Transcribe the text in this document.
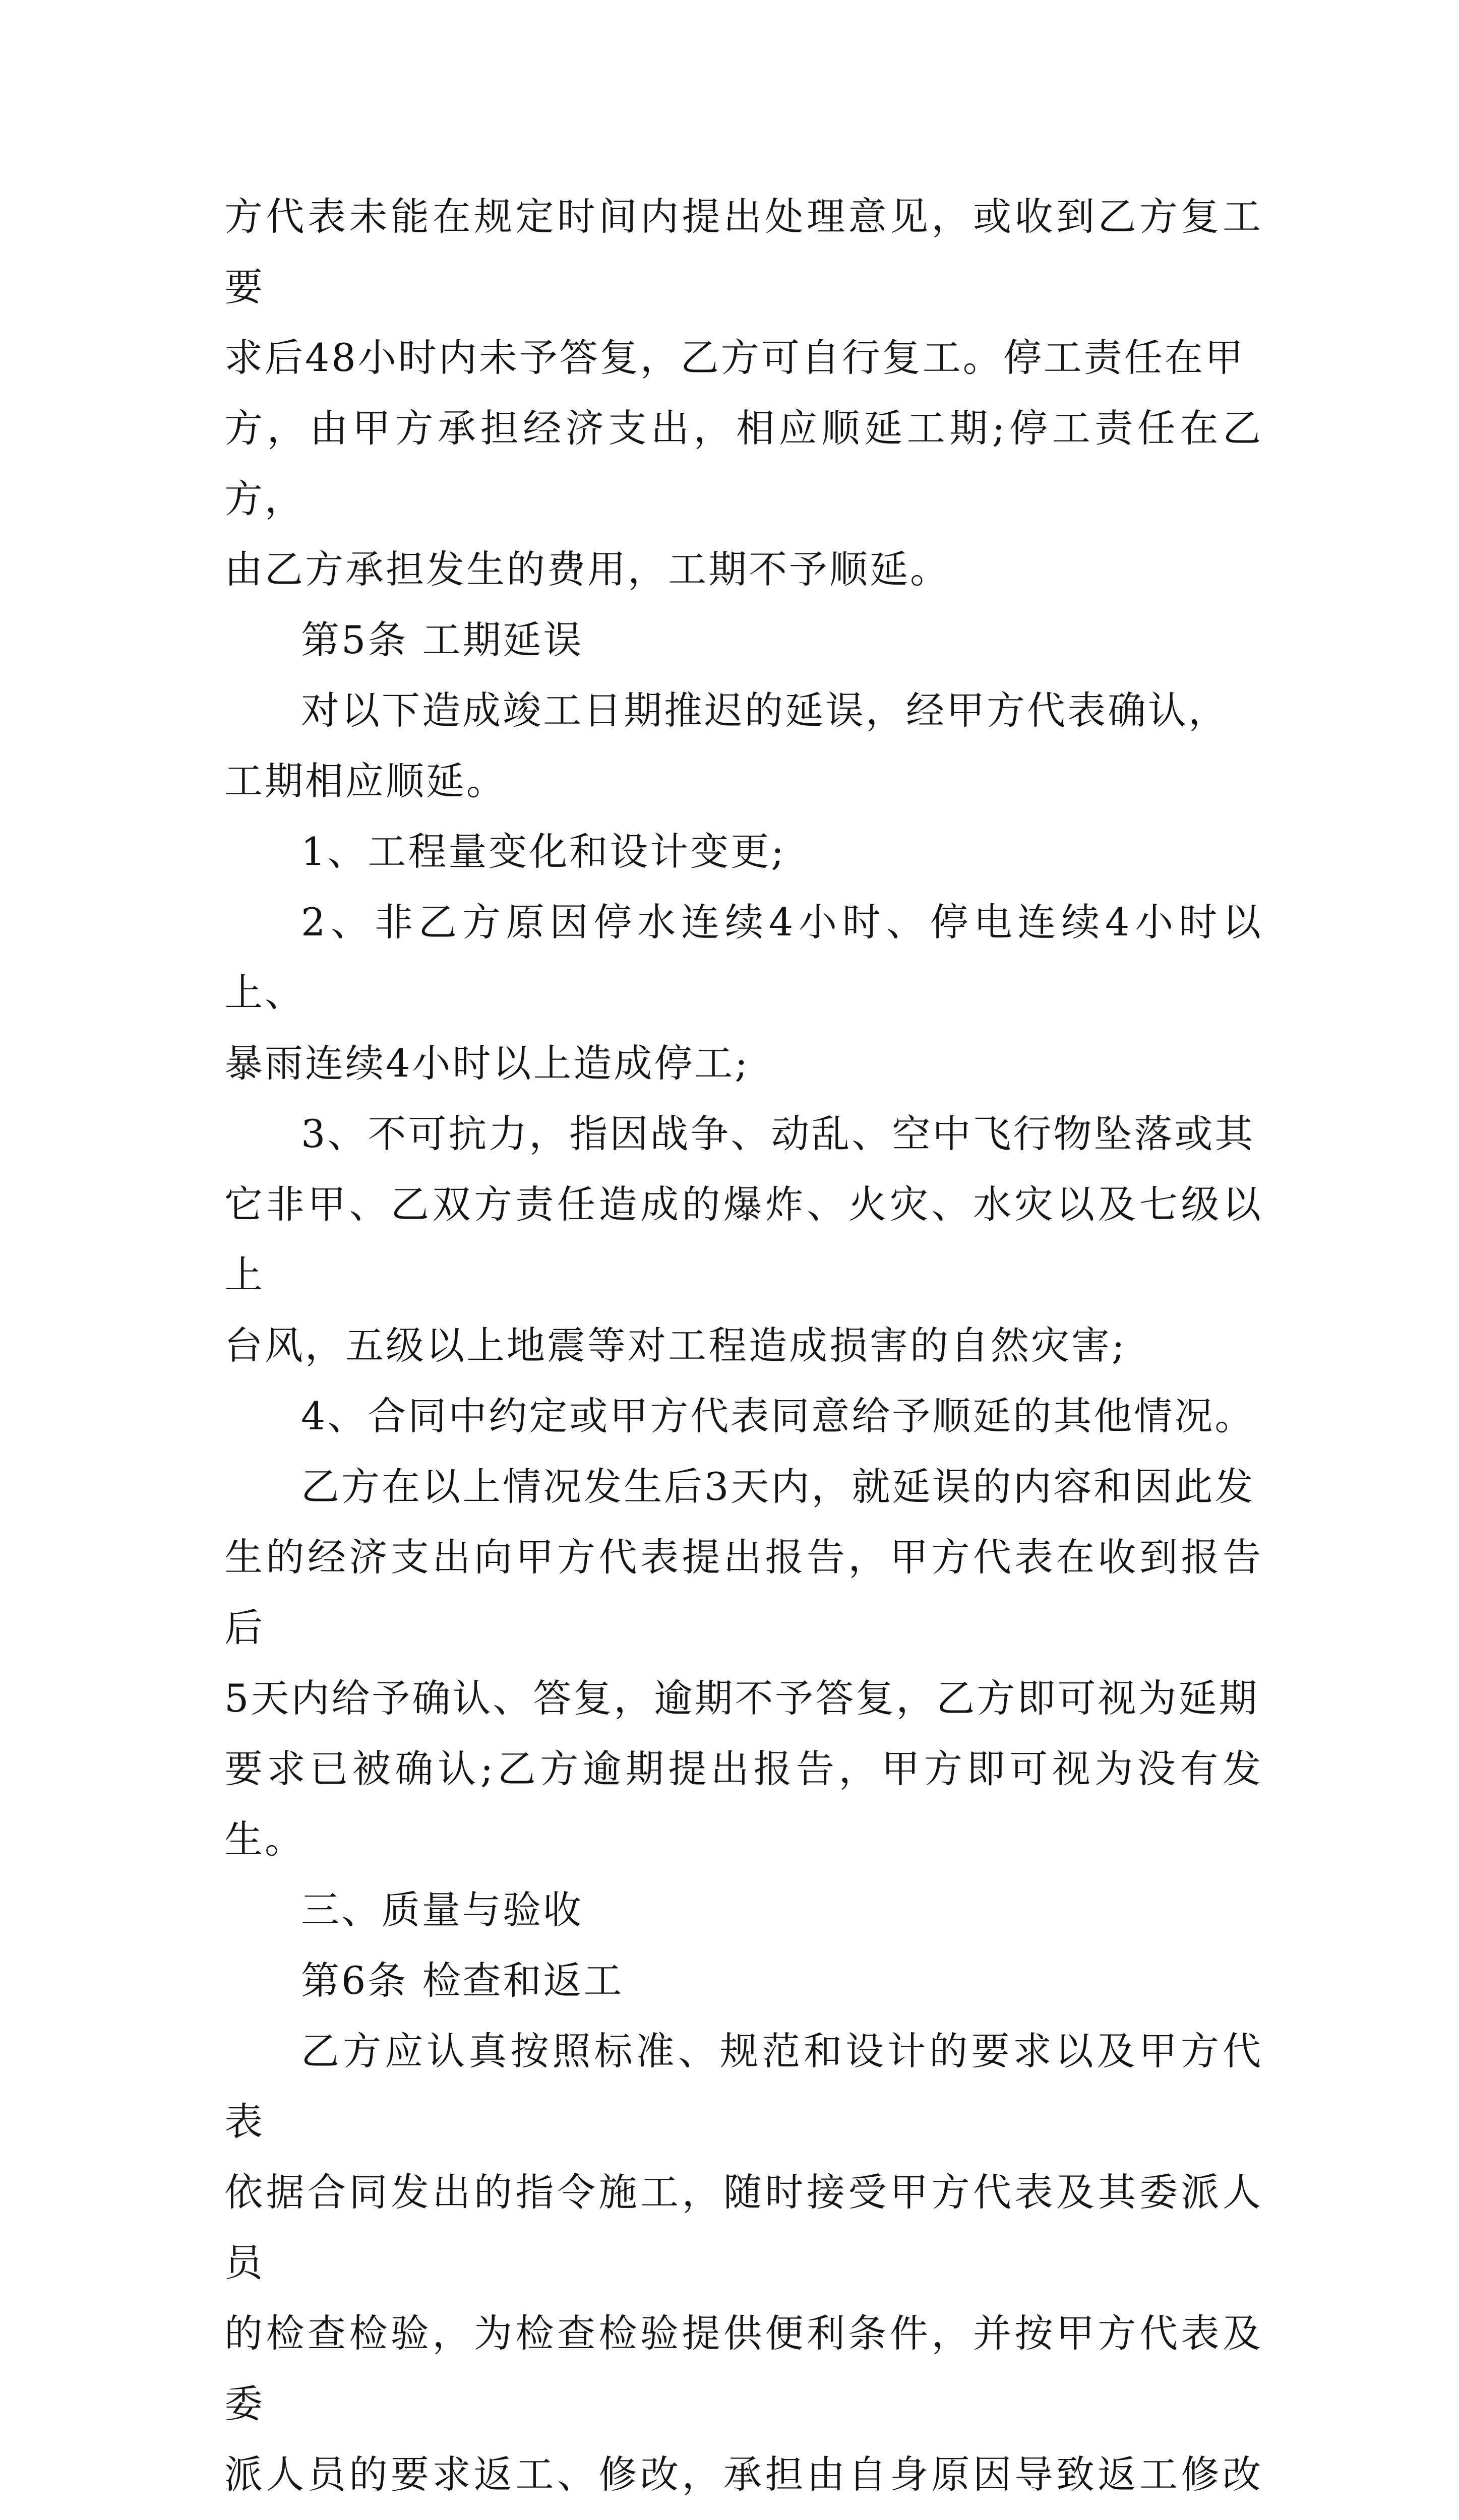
方代表未能在规定时间内提出处理意见，或收到乙方复工要

求后48小时内未予答复，乙方可自行复工。停工责任在甲

方，由甲方承担经济支出，相应顺延工期;停工责任在乙方，

由乙方承担发生的费用，工期不予顺延。

第5条 工期延误

对以下造成竣工日期推迟的延误，经甲方代表确认，

工期相应顺延。

1、工程量变化和设计变更;

2、非乙方原因停水连续4小时、停电连续4小时以上、

暴雨连续4小时以上造成停工;

3、不可抗力，指因战争、动乱、空中飞行物坠落或其

它非甲、乙双方责任造成的爆炸、火灾、水灾以及七级以上

台风，五级以上地震等对工程造成损害的自然灾害;

4、合同中约定或甲方代表同意给予顺延的其他情况。

乙方在以上情况发生后3天内，就延误的内容和因此发

生的经济支出向甲方代表提出报告，甲方代表在收到报告后

5天内给予确认、答复，逾期不予答复，乙方即可视为延期

要求已被确认;乙方逾期提出报告，甲方即可视为没有发生。

三、质量与验收

第6条 检查和返工

乙方应认真按照标准、规范和设计的要求以及甲方代表

依据合同发出的指令施工，随时接受甲方代表及其委派人员

的检查检验，为检查检验提供便利条件，并按甲方代表及委

派人员的要求返工、修改，承担由自身原因导致返工修改
